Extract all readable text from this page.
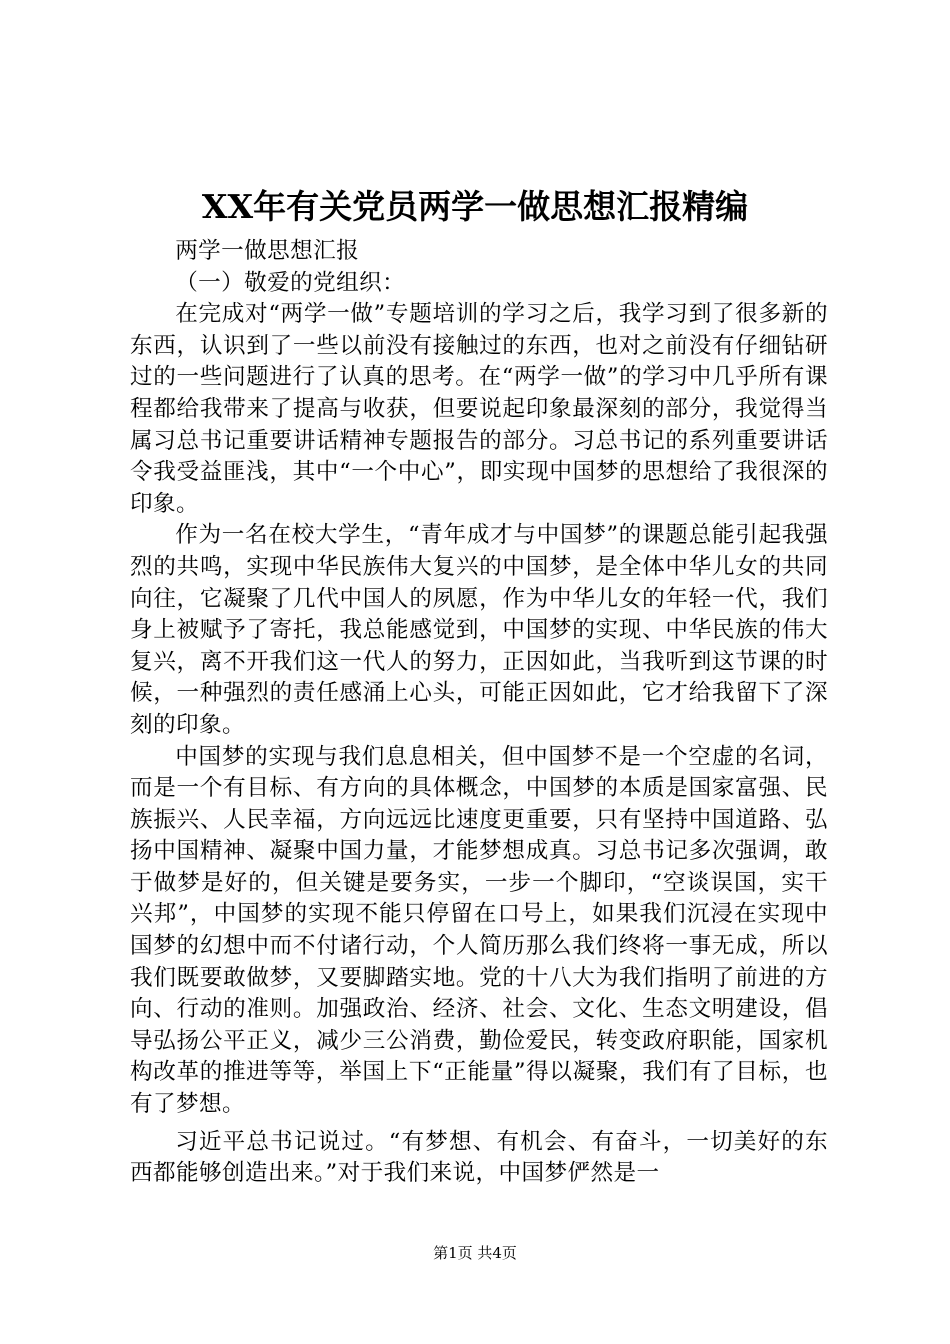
XX年有关党员两学一做思想汇报精编

两学一做思想汇报

（一）敬爱的党组织：

在完成对“两学一做”专题培训的学习之后，我学习到了很多新的东西，认识到了一些以前没有接触过的东西，也对之前没有仔细钻研过的一些问题进行了认真的思考。在“两学一做”的学习中几乎所有课程都给我带来了提高与收获，但要说起印象最深刻的部分，我觉得当属习总书记重要讲话精神专题报告的部分。习总书记的系列重要讲话令我受益匪浅，其中“一个中心”，即实现中国梦的思想给了我很深的印象。

作为一名在校大学生，“青年成才与中国梦”的课题总能引起我强烈的共鸣，实现中华民族伟大复兴的中国梦，是全体中华儿女的共同向往，它凝聚了几代中国人的夙愿，作为中华儿女的年轻一代，我们身上被赋予了寄托，我总能感觉到，中国梦的实现、中华民族的伟大复兴，离不开我们这一代人的努力，正因如此，当我听到这节课的时候，一种强烈的责任感涌上心头，可能正因如此，它才给我留下了深刻的印象。

中国梦的实现与我们息息相关，但中国梦不是一个空虚的名词，而是一个有目标、有方向的具体概念，中国梦的本质是国家富强、民族振兴、人民幸福，方向远远比速度更重要，只有坚持中国道路、弘扬中国精神、凝聚中国力量，才能梦想成真。习总书记多次强调，敢于做梦是好的，但关键是要务实，一步一个脚印，“空谈误国，实干兴邦”，中国梦的实现不能只停留在口号上，如果我们沉浸在实现中国梦的幻想中而不付诸行动，个人简历那么我们终将一事无成，所以我们既要敢做梦，又要脚踏实地。党的十八大为我们指明了前进的方向、行动的准则。加强政治、经济、社会、文化、生态文明建设，倡导弘扬公平正义，减少三公消费，勤俭爱民，转变政府职能，国家机构改革的推进等等，举国上下“正能量”得以凝聚，我们有了目标，也有了梦想。

习近平总书记说过。“有梦想、有机会、有奋斗，一切美好的东西都能够创造出来。”对于我们来说，中国梦俨然是一

第1页 共4页
